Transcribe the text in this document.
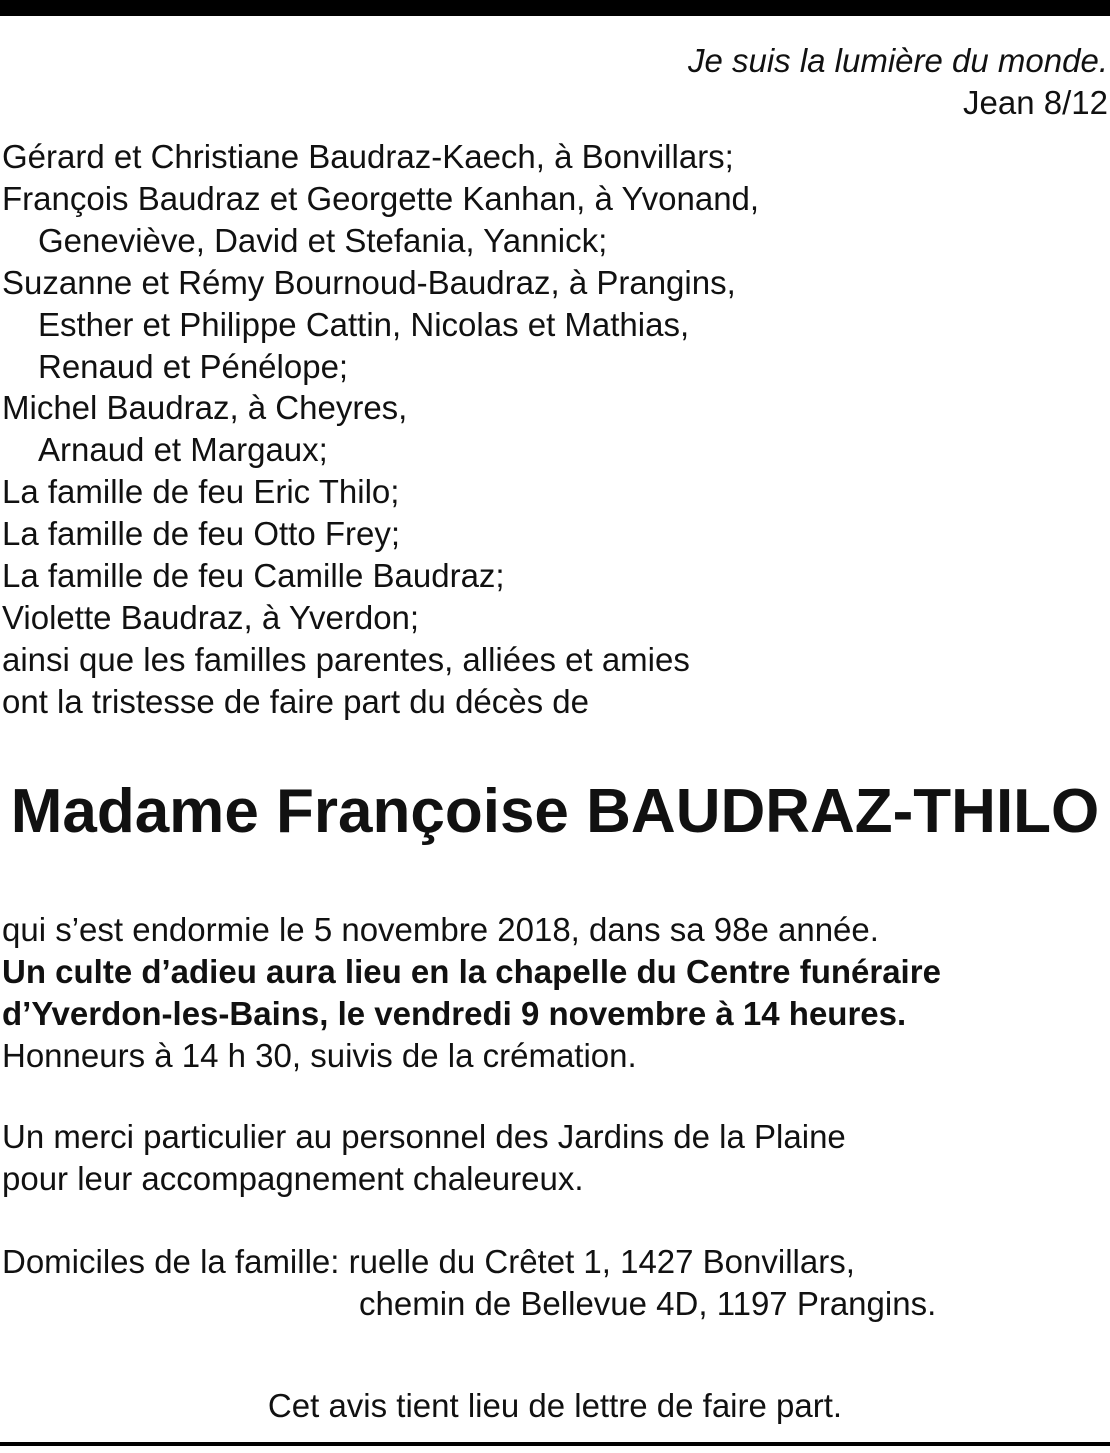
Je suis la lumière du monde.
Jean 8/12
Gérard et Christiane Baudraz-Kaech, à Bonvillars;
François Baudraz et Georgette Kanhan, à Yvonand,
Geneviève, David et Stefania, Yannick;
Suzanne et Rémy Bournoud-Baudraz, à Prangins,
Esther et Philippe Cattin, Nicolas et Mathias,
Renaud et Pénélope;
Michel Baudraz, à Cheyres,
Arnaud et Margaux;
La famille de feu Eric Thilo;
La famille de feu Otto Frey;
La famille de feu Camille Baudraz;
Violette Baudraz, à Yverdon;
ainsi que les familles parentes, alliées et amies
ont la tristesse de faire part du décès de
Madame Françoise BAUDRAZ-THILO
qui s’est endormie le 5 novembre 2018, dans sa 98e année.
Un culte d’adieu aura lieu en la chapelle du Centre funéraire
d’Yverdon-les-Bains, le vendredi 9 novembre à 14 heures.
Honneurs à 14 h 30, suivis de la crémation.
Un merci particulier au personnel des Jardins de la Plaine
pour leur accompagnement chaleureux.
Domiciles de la famille: ruelle du Crêtet 1, 1427 Bonvillars,
chemin de Bellevue 4D, 1197 Prangins.
Cet avis tient lieu de lettre de faire part.
